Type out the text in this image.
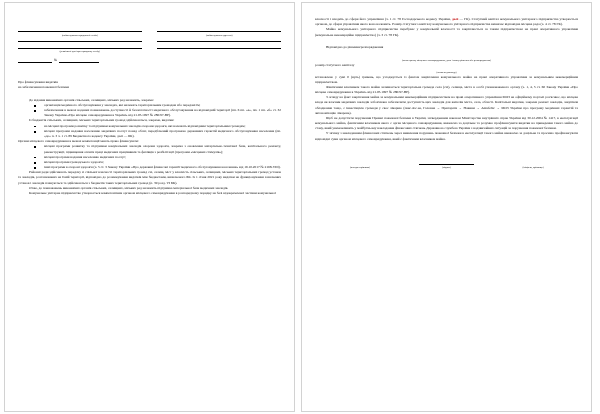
(найменування юридичної особи)
(реквізитні дані про юридичну особу)
№
(найменування адресата)
Про фінансування видатків
на забезпечення пожежної безпеки

До відання виконавчих органів сільських, селищних, міських рад належить, зокрема:

організація медичного обслуговування у закладах, які належать територіальним громадам або передані їм;
забезпечення в межах наданих повноважень доступності й безоплатності медичного обслуговування на відповідній території (пп. 6 пп. «а», пп. 1 пп. «б» ст. 32 Закону України «Про місцеве самоврядування в Україні» від 21.05.1997 № 280/97-ВР).

Із бюджетів сільських, селищних, міських територіальних громад здійснюються, зокрема, видатки:

на місцеві програми розвитку та підтримки комунальних закладів охорони здоров'я, які належать відповідним територіальним громадам;
місцеві програми надання населенню медичних послуг понад обсяг, передбачений програмою державних гарантій медичного обслуговування населення (пп. «до» п. 3 ч. 1 ст. 89 Бюджетного кодексу України, далі — БК).

Органи місцевого самоврядування в межах компетенції мають право фінансувати:

місцеві програми розвитку та підтримки комунальних закладів охорони здоров'я, зокрема з оновлення матеріально-технічної бази, капітального ремонту, реконструкції, підвищення оплати праці медичних працівників та фахівців з реабілітації (програми «місцевих стимулів»);
місцеві програми надання населенню медичних послуг;
місцеві програми громадського здоров'я;
інші програми в охороні здоров'я (ч. 5 ст. 3 Закону України «Про державні фінансові гарантії медичного обслуговування населення» від 19.10.2017 № 2168-VIII).

Районні ради здійснюють передачу зі спільної власності територіальних громад сіл, селищ, міст у власність сільських, селищних, міських територіальних громад установ та закладів, розташованих на їхній території, відповідно до розмежування видатків між бюджетами, визначеного БК. Із 1 січня 2021 року видатки на функціонування зазначених установ і закладів плануються та здійснюються з бюджетів таких територіальних громад (п. 39 розд. VI БК).

Отже, до повноважень виконавчих органів сільських, селищних, міських рад належить підтримка матеріальної бази медичних закладів.

Комунальне унітарне підприємство утворюється компетентним органом місцевого самоврядування в розпорядчому порядку на базі відокремленої частини комунальної

власності і входить до сфери його управління (ч. 1 ст. 78 Господарського кодексу України, далі — ГК). Статутний капітал комунального унітарного підприємства утворюється органом, до сфери управління якого воно належить. Розмір статутного капіталу комунального унітарного підприємства визначає відповідна місцева рада (ч. 4 ст. 78 ГК).

Майно комунального унітарного підприємства перебуває у комунальній власності та закріплюється за таким підприємством на праві оперативного управління (комунальне некомерційне підприємство) (ч. 3 ст. 78 ГК).

Відповідно до рішення/розпорядження

(назва органу місцевого самоврядування, дата і номер рішення або розпорядження)

розмір статутного капіталу

(назва медзакладу)

встановлено у сумі 0 (нуль) гривень, що узгоджується із фактом закріплення комунального майна на праві оперативного управління за комунальним некомерційним підприємством.

Фактичним власником такого майна залишається територіальна громада села (сіл), селища, міста в особі уповноваженого органу (ч. 1, 4, 5 ст. 60 Закону України «Про місцеве самоврядування в Україні» від 21.05.1997 № 280/97-ВР).

З огляду на факт закріплення майна за комунальним некомерційним підприємством на праві оперативного управління МОЗ на офіційному порталі роз'яснює, що місцева влада як власник медичних закладів зобов'язана забезпечити доступність цих закладів для жителів міста, села, області. Капітальні видатки, зокрема ремонт закладів, закупівля обладнання тощо, є інвестицією громади у своє лікарню (пакс.doc.ua, Головна → Препарати → Новини → Antufebic → МОЗ України про програму медичних гарантій та автономізацію лікарень).

Щоб не допустити порушення Правил пожежної безпеки в Україні, затвердженим наказом Міністерства внутрішніх справ України від 30.12.2004 № 1417, в експлуатації комунального майна, фактичним власником якого є орган місцевого самоврядування, вважаємо за доцільне та розумно профінансувати видатки на приведення такого майна до стану, який унеможливить у майбутньому накладання фінансових стягнень Державною службою України з надзвичайних ситуацій за порушення пожежної безпеки.

У зв'язку з накладанням фінансових стягнень через виявлення порушень пожежної безпеки в експлуатації такого майна вважаємо за доцільне та просимо профінансувати відповідні суми органом місцевого самоврядування, який є фактичним власником майна.

(посада керівника)	(підпис)	(ініціали, прізвище)
